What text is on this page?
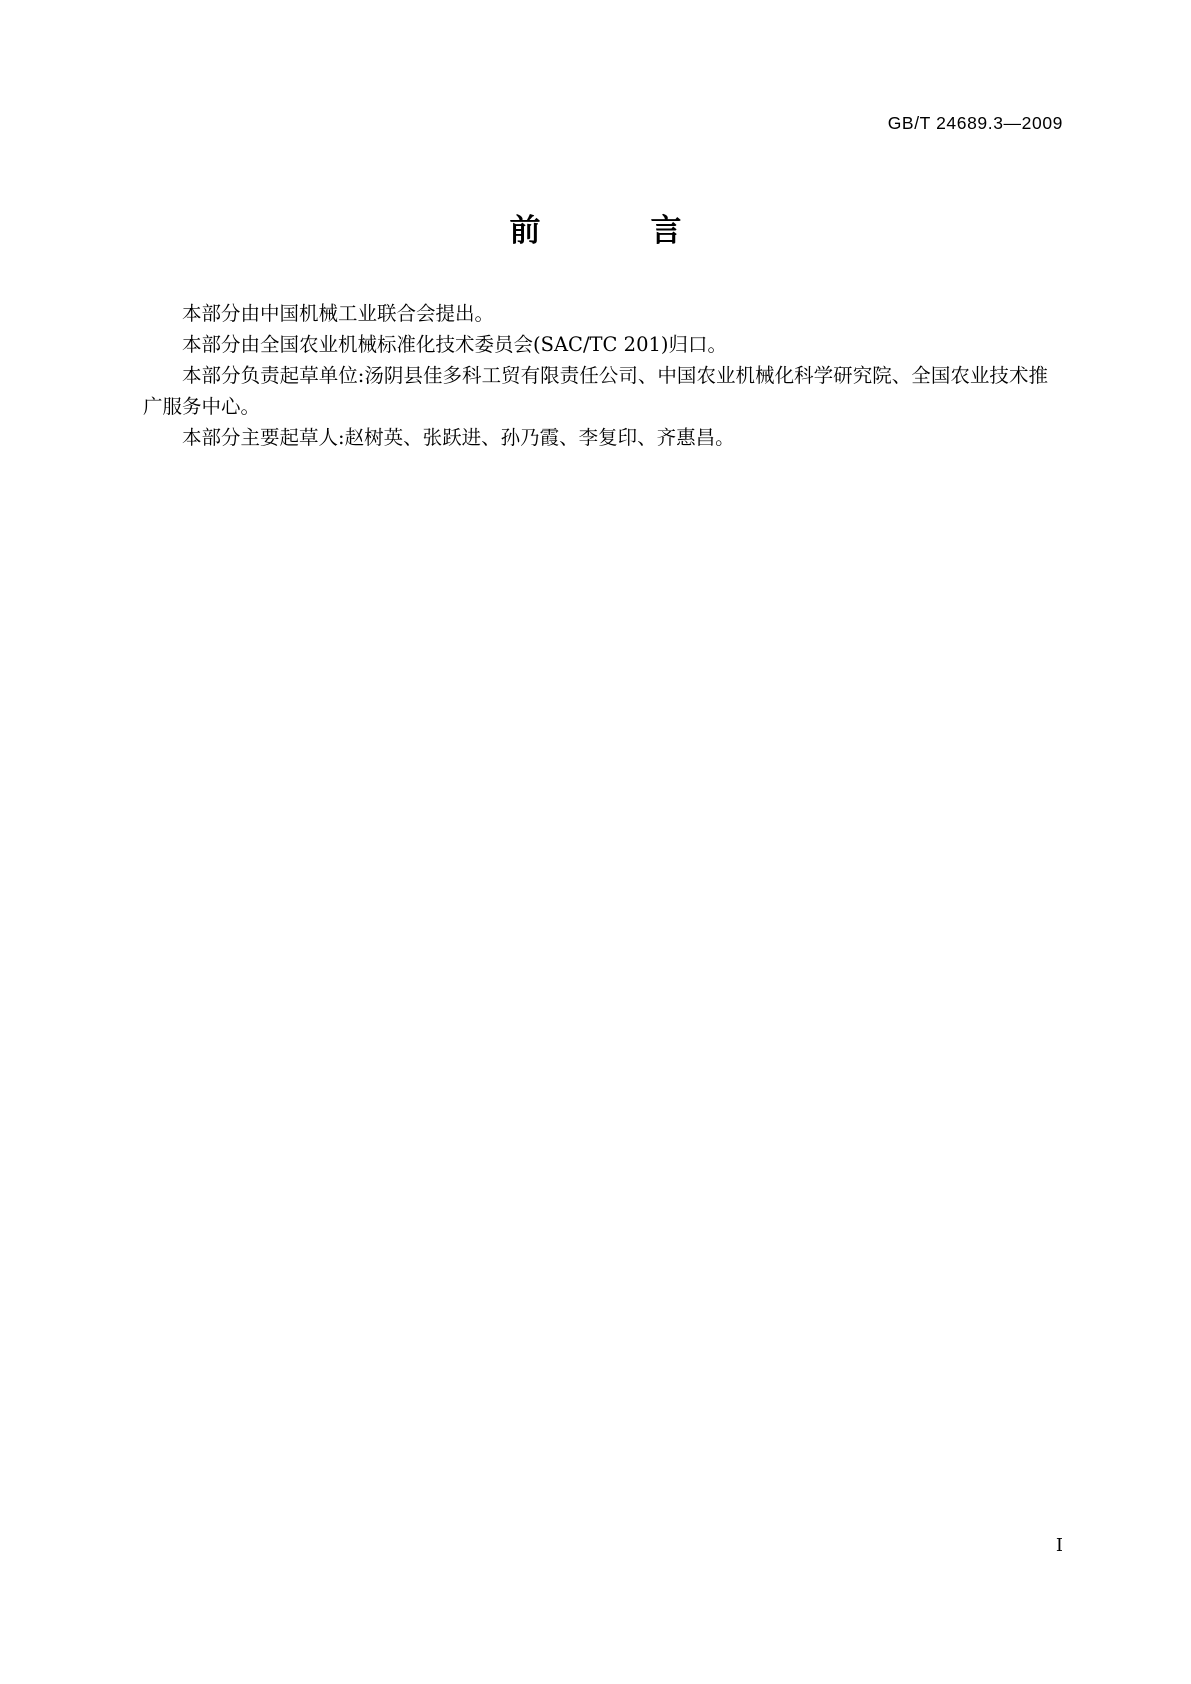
GB/T 24689.3—2009
前　　言

本部分由中国机械工业联合会提出。

本部分由全国农业机械标准化技术委员会(SAC/TC 201)归口。

本部分负责起草单位:汤阴县佳多科工贸有限责任公司、中国农业机械化科学研究院、全国农业技术推广服务中心。

本部分主要起草人:赵树英、张跃进、孙乃霞、李复印、齐惠昌。

I
